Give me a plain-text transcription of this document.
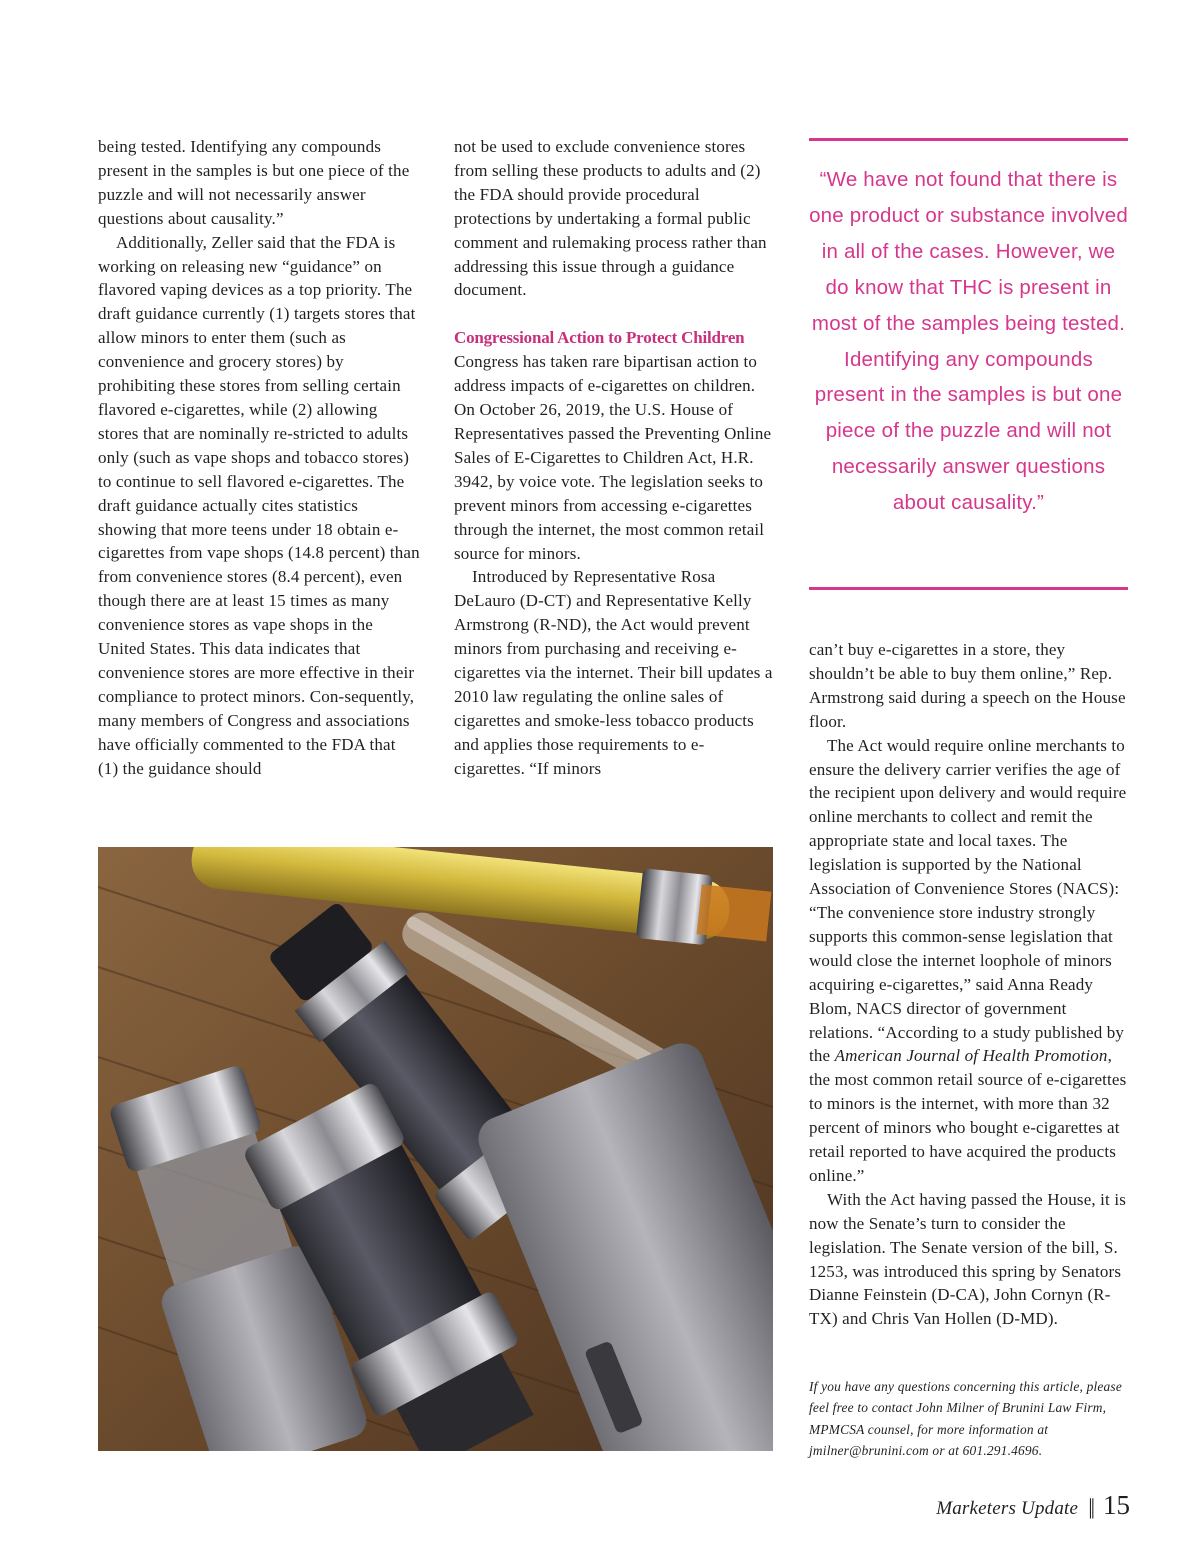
being tested. Identifying any compounds present in the samples is but one piece of the puzzle and will not necessarily answer questions about causality.”

Additionally, Zeller said that the FDA is working on releasing new “guidance” on flavored vaping devices as a top priority. The draft guidance currently (1) targets stores that allow minors to enter them (such as convenience and grocery stores) by prohibiting these stores from selling certain flavored e-cigarettes, while (2) allowing stores that are nominally re-stricted to adults only (such as vape shops and tobacco stores) to continue to sell flavored e-cigarettes. The draft guidance actually cites statistics showing that more teens under 18 obtain e-cigarettes from vape shops (14.8 percent) than from convenience stores (8.4 percent), even though there are at least 15 times as many convenience stores as vape shops in the United States. This data indicates that convenience stores are more effective in their compliance to protect minors. Con-sequently, many members of Congress and associations have officially commented to the FDA that (1) the guidance should

not be used to exclude convenience stores from selling these products to adults and (2) the FDA should provide procedural protections by undertaking a formal public comment and rulemaking process rather than addressing this issue through a guidance document.

Congressional Action to Protect Children

Congress has taken rare bipartisan action to address impacts of e-cigarettes on children. On October 26, 2019, the U.S. House of Representatives passed the Preventing Online Sales of E-Cigarettes to Children Act, H.R. 3942, by voice vote. The legislation seeks to prevent minors from accessing e-cigarettes through the internet, the most common retail source for minors.

Introduced by Representative Rosa DeLauro (D-CT) and Representative Kelly Armstrong (R-ND), the Act would prevent minors from purchasing and receiving e-cigarettes via the internet. Their bill updates a 2010 law regulating the online sales of cigarettes and smoke-less tobacco products and applies those requirements to e-cigarettes. “If minors

“We have not found that there is one product or substance involved in all of the cases. However, we do know that THC is present in most of the samples being tested. Identifying any compounds present in the samples is but one piece of the puzzle and will not necessarily answer questions about causality.”

can’t buy e-cigarettes in a store, they shouldn’t be able to buy them online,” Rep. Armstrong said during a speech on the House floor.

The Act would require online merchants to ensure the delivery carrier verifies the age of the recipient upon delivery and would require online merchants to collect and remit the appropriate state and local taxes. The legislation is supported by the National Association of Convenience Stores (NACS): “The convenience store industry strongly supports this common-sense legislation that would close the internet loophole of minors acquiring e-cigarettes,” said Anna Ready Blom, NACS director of government relations. “According to a study published by the American Journal of Health Promotion, the most common retail source of e-cigarettes to minors is the internet, with more than 32 percent of minors who bought e-cigarettes at retail reported to have acquired the products online.”

With the Act having passed the House, it is now the Senate’s turn to consider the legislation. The Senate version of the bill, S. 1253, was introduced this spring by Senators Dianne Feinstein (D-CA), John Cornyn (R-TX) and Chris Van Hollen (D-MD).

If you have any questions concerning this article, please feel free to contact John Milner of Brunini Law Firm, MPMCSA counsel, for more information at jmilner@brunini.com or at 601.291.4696.

Marketers Update || 15
